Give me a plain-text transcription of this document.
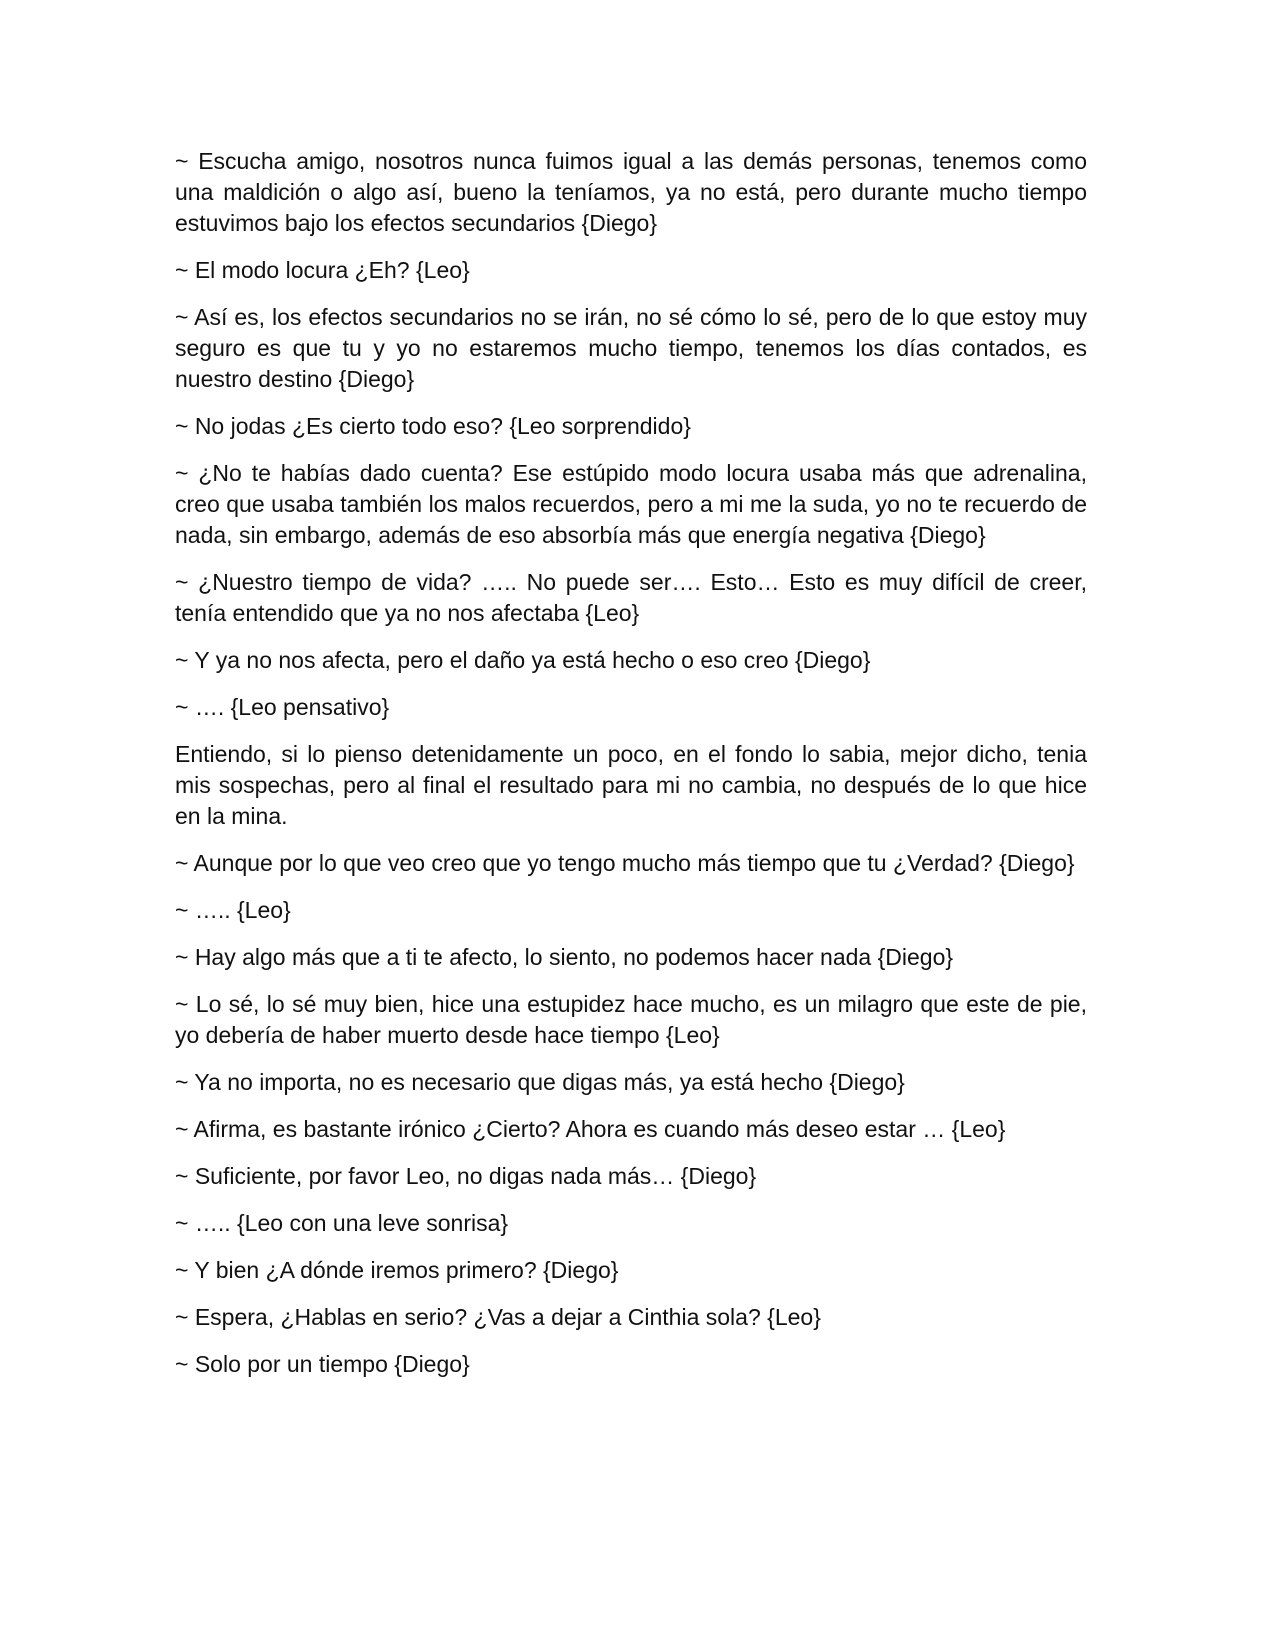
~ Escucha amigo, nosotros nunca fuimos igual a las demás personas, tenemos como una maldición o algo así, bueno la teníamos, ya no está, pero durante mucho tiempo estuvimos bajo los efectos secundarios {Diego}

~ El modo locura ¿Eh? {Leo}

~ Así es, los efectos secundarios no se irán, no sé cómo lo sé, pero de lo que estoy muy seguro es que tu y yo no estaremos mucho tiempo, tenemos los días contados, es nuestro destino {Diego}

~ No jodas ¿Es cierto todo eso? {Leo sorprendido}

~ ¿No te habías dado cuenta? Ese estúpido modo locura usaba más que adrenalina, creo que usaba también los malos recuerdos, pero a mi me la suda, yo no te recuerdo de nada, sin embargo, además de eso absorbía más que energía negativa {Diego}

~ ¿Nuestro tiempo de vida? ….. No puede ser…. Esto… Esto es muy difícil de creer, tenía entendido que ya no nos afectaba {Leo}

~ Y ya no nos afecta, pero el daño ya está hecho o eso creo {Diego}

~ …. {Leo pensativo}

Entiendo, si lo pienso detenidamente un poco, en el fondo lo sabia, mejor dicho, tenia mis sospechas, pero al final el resultado para mi no cambia, no después de lo que hice en la mina.

~ Aunque por lo que veo creo que yo tengo mucho más tiempo que tu ¿Verdad? {Diego}

~ ….. {Leo}

~ Hay algo más que a ti te afecto, lo siento, no podemos hacer nada {Diego}

~ Lo sé, lo sé muy bien, hice una estupidez hace mucho, es un milagro que este de pie, yo debería de haber muerto desde hace tiempo {Leo}

~ Ya no importa, no es necesario que digas más, ya está hecho {Diego}

~ Afirma, es bastante irónico ¿Cierto? Ahora es cuando más deseo estar … {Leo}

~ Suficiente, por favor Leo, no digas nada más… {Diego}

~ ….. {Leo con una leve sonrisa}

~ Y bien ¿A dónde iremos primero? {Diego}

~ Espera, ¿Hablas en serio? ¿Vas a dejar a Cinthia sola? {Leo}

~ Solo por un tiempo {Diego}
